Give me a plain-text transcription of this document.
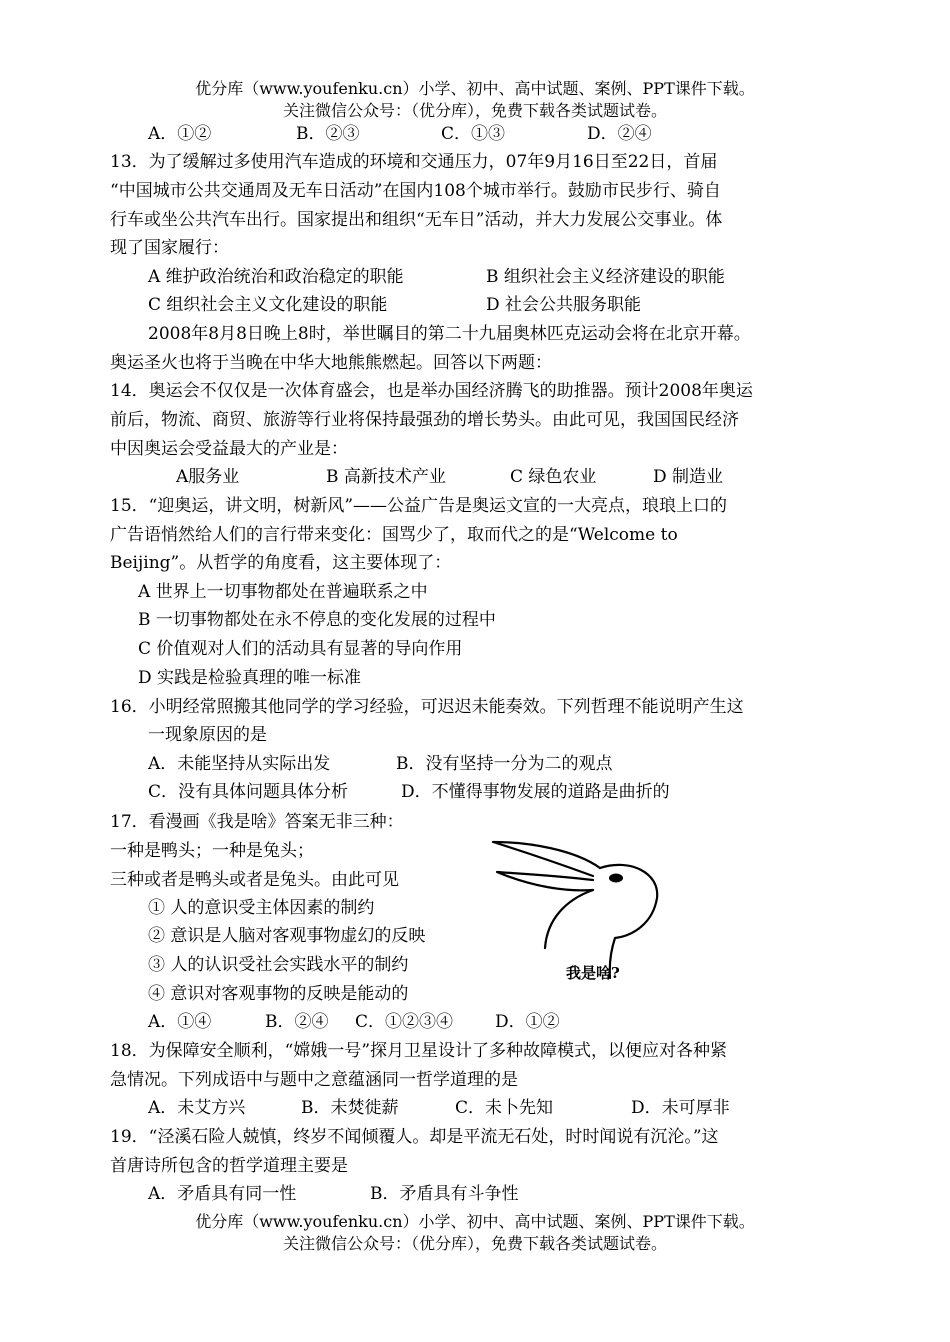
优分库（www.youfenku.cn）小学、初中、高中试题、案例、PPT课件下载。
关注微信公众号：（优分库），免费下载各类试题试卷。
A．①②	B．②③	C．①③	D．②④
13．为了缓解过多使用汽车造成的环境和交通压力，07年9月16日至22日，首届
“中国城市公共交通周及无车日活动”在国内108个城市举行。鼓励市民步行、骑自
行车或坐公共汽车出行。国家提出和组织“无车日”活动，并大力发展公交事业。体
现了国家履行：
A 维护政治统治和政治稳定的职能	B 组织社会主义经济建设的职能
C 组织社会主义文化建设的职能	D 社会公共服务职能
2008年8月8日晚上8时，举世瞩目的第二十九届奥林匹克运动会将在北京开幕。
奥运圣火也将于当晚在中华大地熊熊燃起。回答以下两题：
14．奥运会不仅仅是一次体育盛会，也是举办国经济腾飞的助推器。预计2008年奥运
前后，物流、商贸、旅游等行业将保持最强劲的增长势头。由此可见，我国国民经济
中因奥运会受益最大的产业是：
A服务业	B 高新技术产业	C 绿色农业	D 制造业
15．“迎奥运，讲文明，树新风”——公益广告是奥运文宣的一大亮点，琅琅上口的
广告语悄然给人们的言行带来变化：国骂少了，取而代之的是“Welcome to
Beijing”。从哲学的角度看，这主要体现了：
A 世界上一切事物都处在普遍联系之中
B 一切事物都处在永不停息的变化发展的过程中
C 价值观对人们的活动具有显著的导向作用
D 实践是检验真理的唯一标准
16．小明经常照搬其他同学的学习经验，可迟迟未能奏效。下列哲理不能说明产生这
一现象原因的是
A．未能坚持从实际出发	B．没有坚持一分为二的观点
C．没有具体问题具体分析	D．不懂得事物发展的道路是曲折的
17．看漫画《我是啥》答案无非三种：
一种是鸭头；一种是兔头；
三种或者是鸭头或者是兔头。由此可见
① 人的意识受主体因素的制约
② 意识是人脑对客观事物虚幻的反映
③ 人的认识受社会实践水平的制约
④ 意识对客观事物的反映是能动的
A．①④	B．②④ C．①②③④ D．①②
我是啥?
18．为保障安全顺利，“嫦娥一号”探月卫星设计了多种故障模式，以便应对各种紧
急情况。下列成语中与题中之意蕴涵同一哲学道理的是
A．未艾方兴	B．未焚徙薪	C．未卜先知	D．未可厚非
19．“泾溪石险人兢慎，终岁不闻倾覆人。却是平流无石处，时时闻说有沉沦。”这
首唐诗所包含的哲学道理主要是
A．矛盾具有同一性	B．矛盾具有斗争性
优分库（www.youfenku.cn）小学、初中、高中试题、案例、PPT课件下载。
关注微信公众号：（优分库），免费下载各类试题试卷。
